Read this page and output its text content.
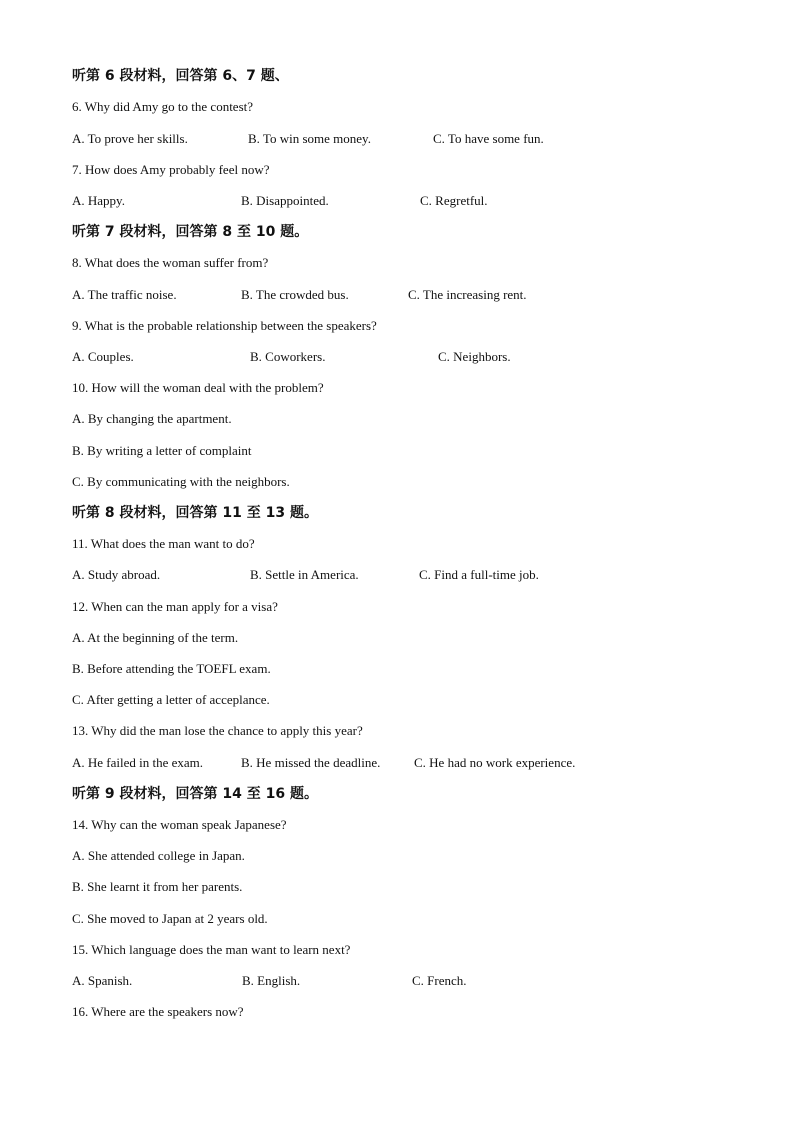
听第 6 段材料，回答第 6、7 题、
6. Why did Amy go to the contest?
A. To prove her skills.	B. To win some money.	C. To have some fun.
7. How does Amy probably feel now?
A. Happy.	B. Disappointed.	C. Regretful.
听第 7 段材料，回答第 8 至 10 题。
8. What does the woman suffer from?
A. The traffic noise.	B. The crowded bus.	C. The increasing rent.
9. What is the probable relationship between the speakers?
A. Couples.	B. Coworkers.	C. Neighbors.
10. How will the woman deal with the problem?
A. By changing the apartment.
B. By writing a letter of complaint
C. By communicating with the neighbors.
听第 8 段材料，回答第 11 至 13 题。
11. What does the man want to do?
A. Study abroad.	B. Settle in America.	C. Find a full-time job.
12. When can the man apply for a visa?
A. At the beginning of the term.
B. Before attending the TOEFL exam.
C. After getting a letter of acceplance.
13. Why did the man lose the chance to apply this year?
A. He failed in the exam.	B. He missed the deadline.	C. He had no work experience.
听第 9 段材料，回答第 14 至 16 题。
14. Why can the woman speak Japanese?
A. She attended college in Japan.
B. She learnt it from her parents.
C. She moved to Japan at 2 years old.
15. Which language does the man want to learn next?
A. Spanish.	B. English.	C. French.
16. Where are the speakers now?
